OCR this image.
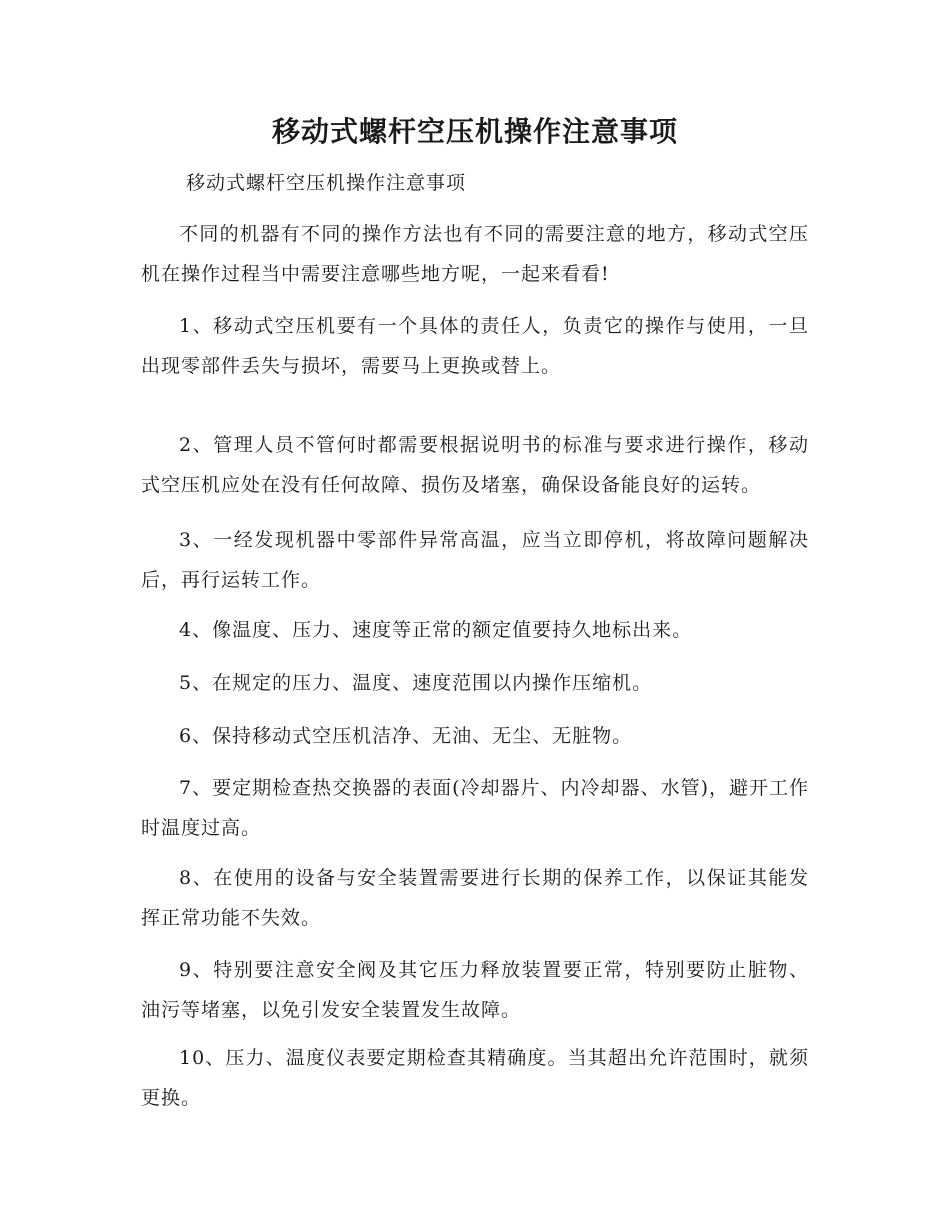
移动式螺杆空压机操作注意事项
移动式螺杆空压机操作注意事项

不同的机器有不同的操作方法也有不同的需要注意的地方，移动式空压机在操作过程当中需要注意哪些地方呢，一起来看看!

1、移动式空压机要有一个具体的责任人，负责它的操作与使用，一旦出现零部件丢失与损坏，需要马上更换或替上。

2、管理人员不管何时都需要根据说明书的标准与要求进行操作，移动式空压机应处在没有任何故障、损伤及堵塞，确保设备能良好的运转。

3、一经发现机器中零部件异常高温，应当立即停机，将故障问题解决后，再行运转工作。

4、像温度、压力、速度等正常的额定值要持久地标出来。

5、在规定的压力、温度、速度范围以内操作压缩机。

6、保持移动式空压机洁净、无油、无尘、无脏物。

7、要定期检查热交换器的表面(冷却器片、内冷却器、水管)，避开工作时温度过高。

8、在使用的设备与安全装置需要进行长期的保养工作，以保证其能发挥正常功能不失效。

9、特别要注意安全阀及其它压力释放装置要正常，特别要防止脏物、油污等堵塞，以免引发安全装置发生故障。

10、压力、温度仪表要定期检查其精确度。当其超出允许范围时，就须更换。
